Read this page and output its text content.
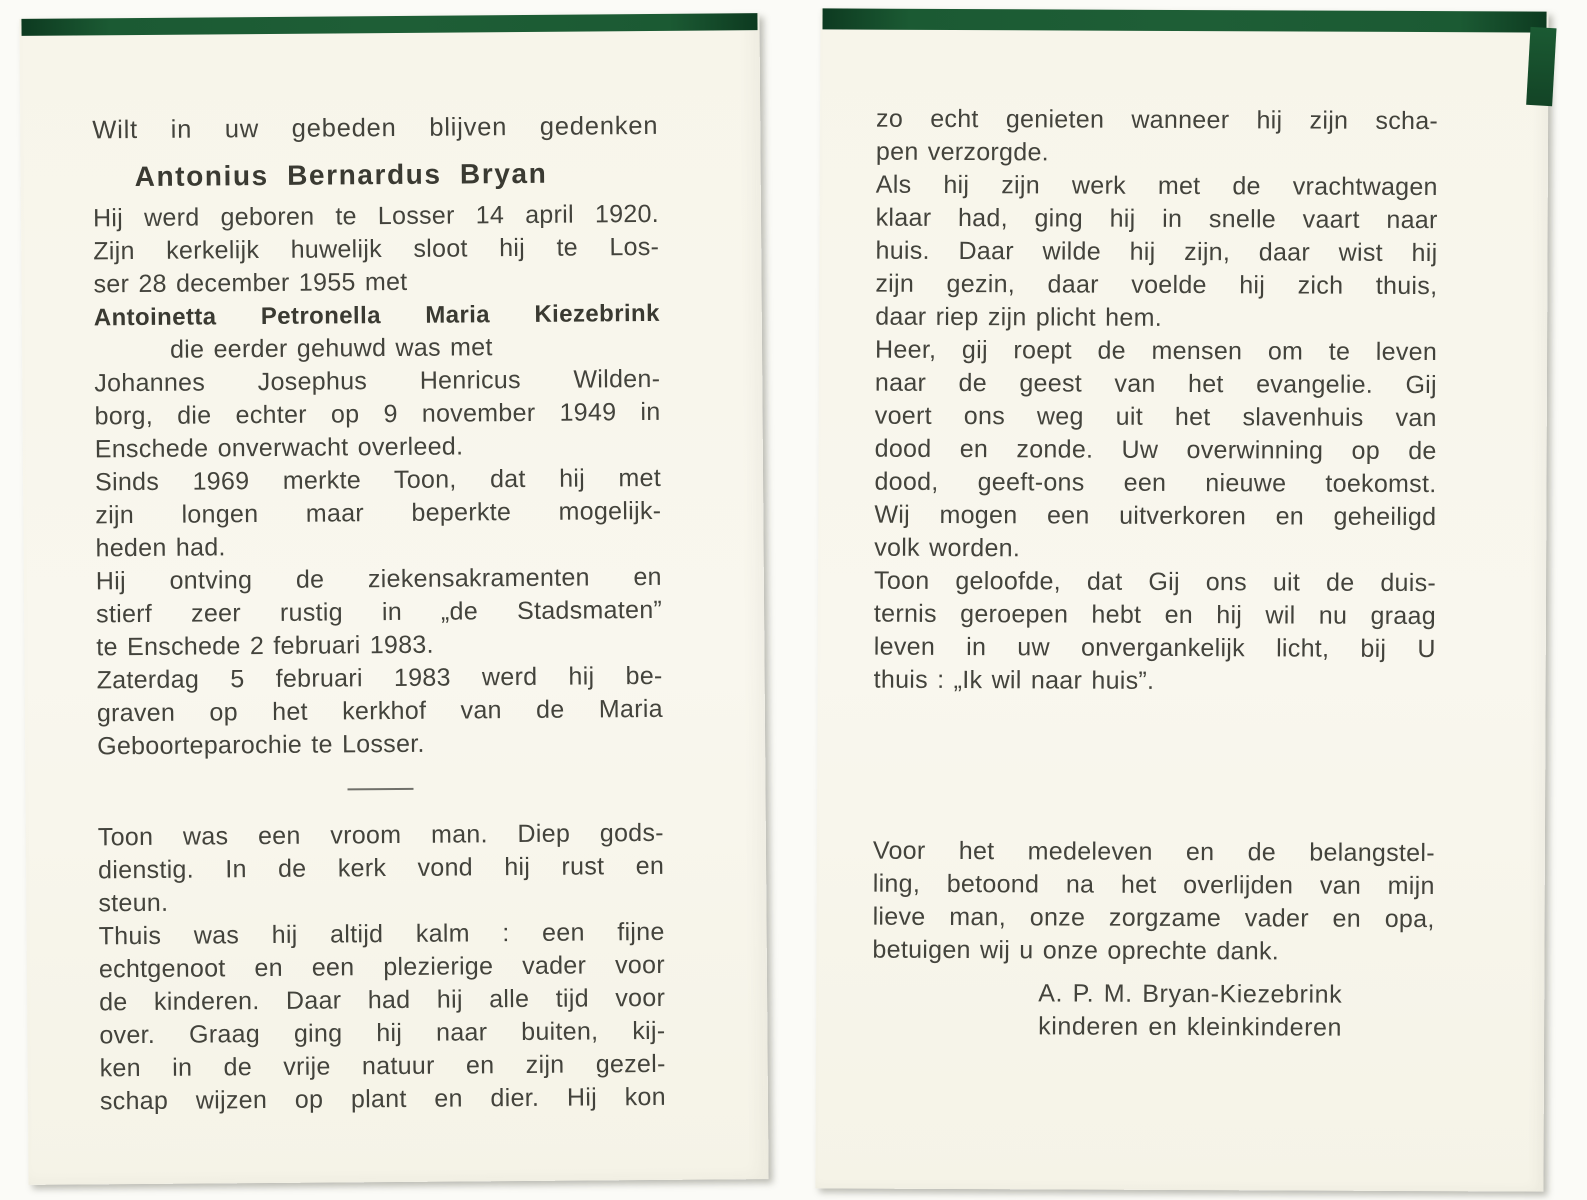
Wilt in uw gebeden blijven gedenken
Antonius Bernardus Bryan
Hij werd geboren te Losser 14 april 1920.
Zijn kerkelijk huwelijk sloot hij te Los-
ser 28 december 1955 met
Antoinetta Petronella Maria Kiezebrink
die eerder gehuwd was met
Johannes Josephus Henricus Wilden-
borg, die echter op 9 november 1949 in
Enschede onverwacht overleed.
Sinds 1969 merkte Toon, dat hij met
zijn longen maar beperkte mogelijk-
heden had.
Hij ontving de ziekensakramenten en
stierf zeer rustig in „de Stadsmaten”
te Enschede 2 februari 1983.
Zaterdag 5 februari 1983 werd hij be-
graven op het kerkhof van de Maria
Geboorteparochie te Losser.
Toon was een vroom man. Diep gods-
dienstig. In de kerk vond hij rust en
steun.
Thuis was hij altijd kalm : een fijne
echtgenoot en een plezierige vader voor
de kinderen. Daar had hij alle tijd voor
over. Graag ging hij naar buiten, kij-
ken in de vrije natuur en zijn gezel-
schap wijzen op plant en dier. Hij kon
zo echt genieten wanneer hij zijn scha-
pen verzorgde.
Als hij zijn werk met de vrachtwagen
klaar had, ging hij in snelle vaart naar
huis. Daar wilde hij zijn, daar wist hij
zijn gezin, daar voelde hij zich thuis,
daar riep zijn plicht hem.
Heer, gij roept de mensen om te leven
naar de geest van het evangelie. Gij
voert ons weg uit het slavenhuis van
dood en zonde. Uw overwinning op de
dood, geeft-ons een nieuwe toekomst.
Wij mogen een uitverkoren en geheiligd
volk worden.
Toon geloofde, dat Gij ons uit de duis-
ternis geroepen hebt en hij wil nu graag
leven in uw onvergankelijk licht, bij U
thuis : „Ik wil naar huis”.
Voor het medeleven en de belangstel-
ling, betoond na het overlijden van mijn
lieve man, onze zorgzame vader en opa,
betuigen wij u onze oprechte dank.
A. P. M. Bryan-Kiezebrink
kinderen en kleinkinderen
